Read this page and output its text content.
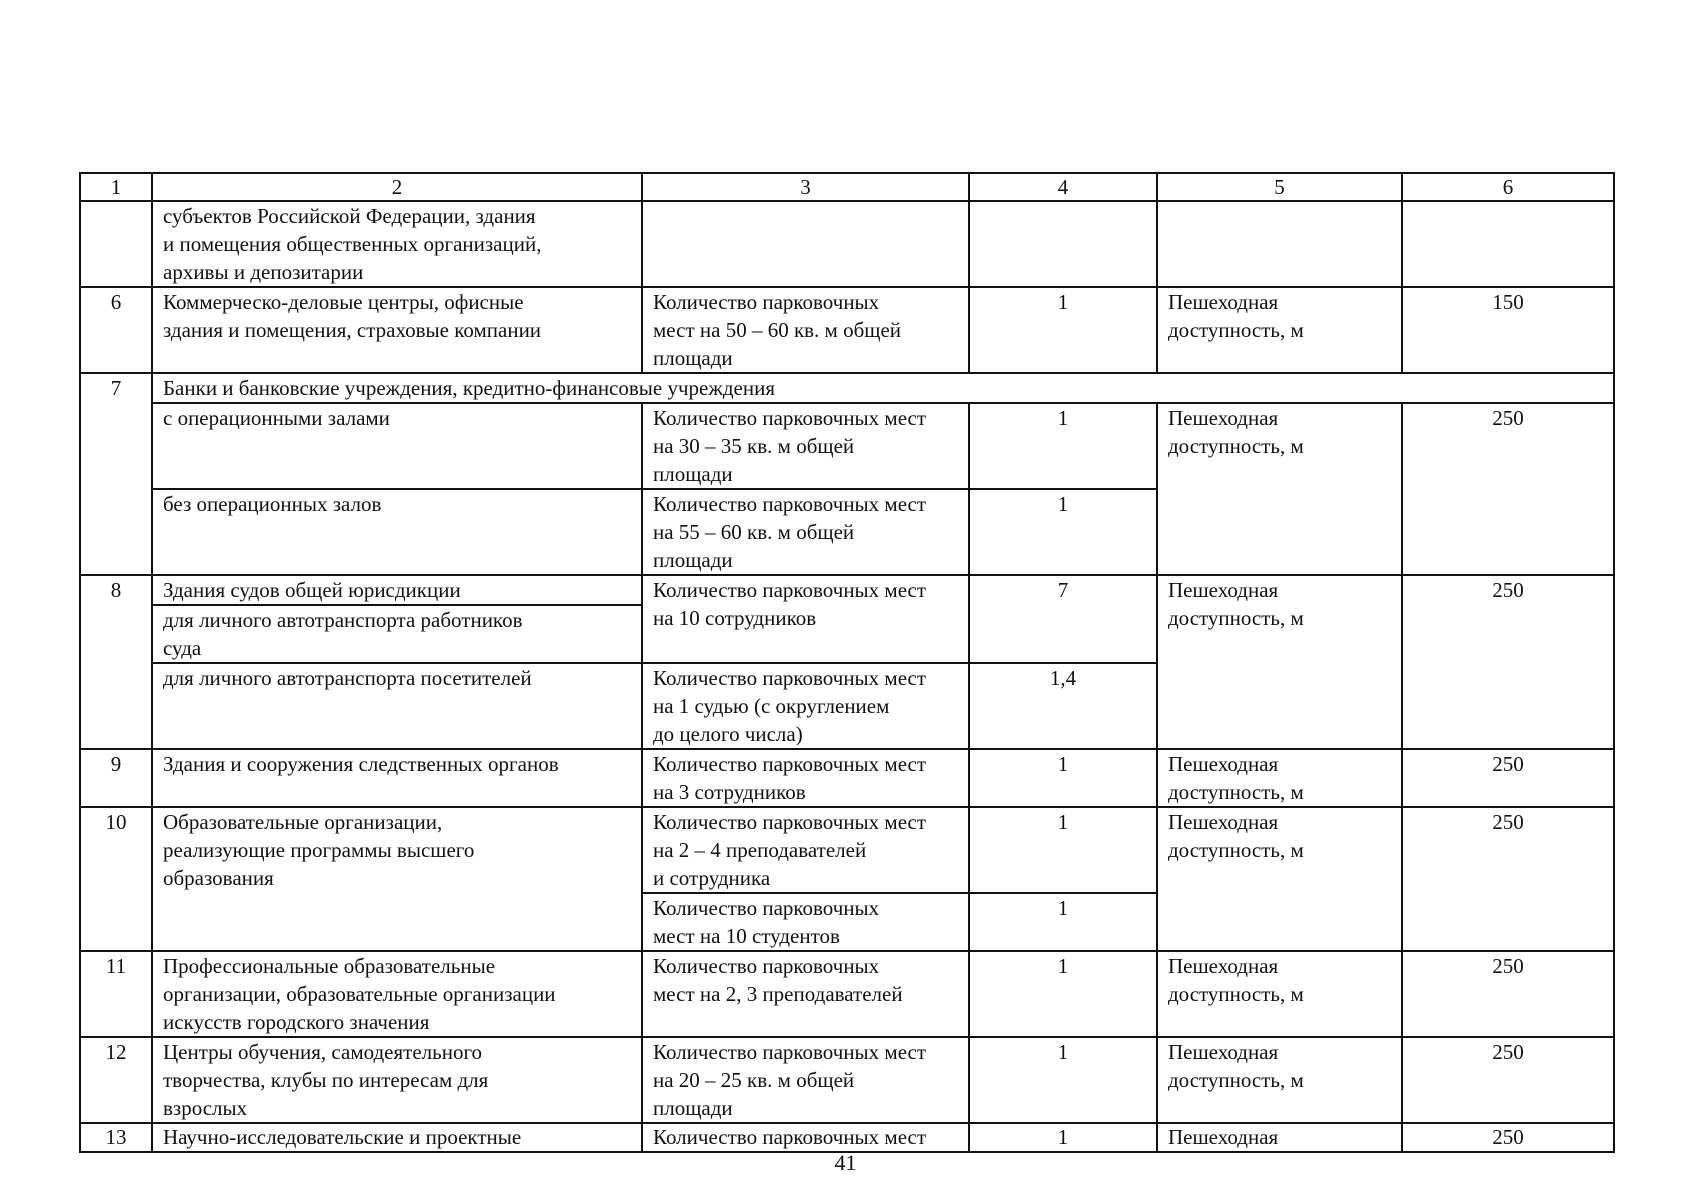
1	2	3	4	5	6
	субъектов Российской Федерации, здания
и помещения общественных организаций,
архивы и депозитарии				
6	Коммерческо-деловые центры, офисные
здания и помещения, страховые компании	Количество парковочных
мест на 50 – 60 кв. м общей
площади	1	Пешеходная
доступность, м	150
7	Банки и банковские учреждения, кредитно-финансовые учреждения				
	с операционными залами	Количество парковочных мест
на 30 – 35 кв. м общей
площади	1	Пешеходная
доступность, м	250
	без операционных залов	Количество парковочных мест
на 55 – 60 кв. м общей
площади	1		
8	Здания судов общей юрисдикции	Количество парковочных мест
на 10 сотрудников	7	Пешеходная
доступность, м	250
	для личного автотранспорта работников
суда				
	для личного автотранспорта посетителей	Количество парковочных мест
на 1 судью (с округлением
до целого числа)	1,4		
9	Здания и сооружения следственных органов	Количество парковочных мест
на 3 сотрудников	1	Пешеходная
доступность, м	250
10	Образовательные организации,
реализующие программы высшего
образования	Количество парковочных мест
на 2 – 4 преподавателей
и сотрудника	1	Пешеходная
доступность, м	250
		Количество парковочных
мест на 10 студентов	1		
11	Профессиональные образовательные
организации, образовательные организации
искусств городского значения	Количество парковочных
мест на 2, 3 преподавателей	1	Пешеходная
доступность, м	250
12	Центры обучения, самодеятельного
творчества, клубы по интересам для
взрослых	Количество парковочных мест
на 20 – 25 кв. м общей
площади	1	Пешеходная
доступность, м	250
13	Научно-исследовательские и проектные	Количество парковочных мест	1	Пешеходная	250
41
